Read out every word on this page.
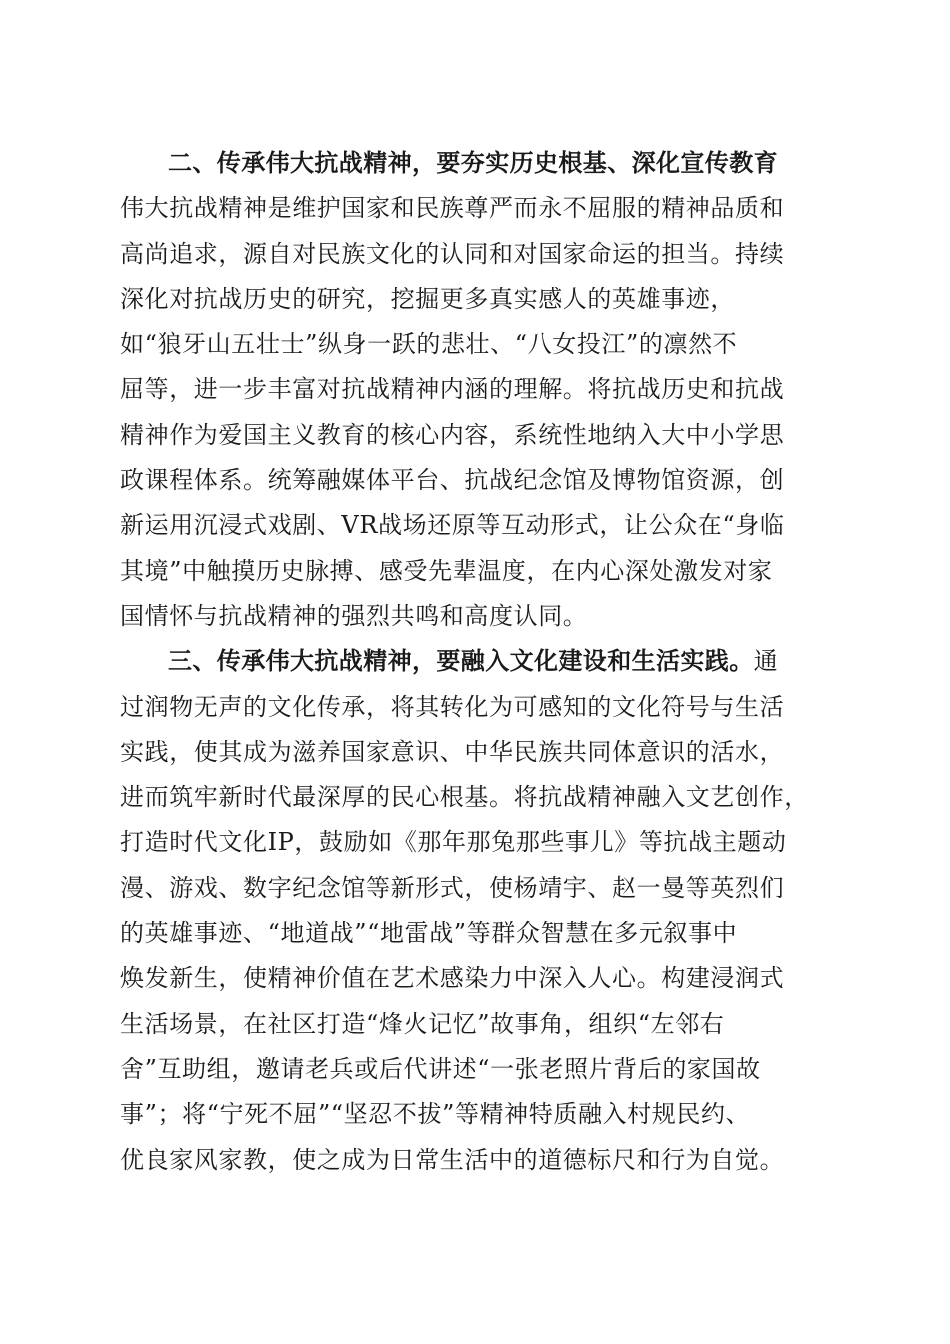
二、传承伟大抗战精神，要夯实历史根基、深化宣传教育
伟大抗战精神是维护国家和民族尊严而永不屈服的精神品质和
高尚追求，源自对民族文化的认同和对国家命运的担当。持续
深化对抗战历史的研究，挖掘更多真实感人的英雄事迹，
如“狼牙山五壮士”纵身一跃的悲壮、“八女投江”的凛然不
屈等，进一步丰富对抗战精神内涵的理解。将抗战历史和抗战
精神作为爱国主义教育的核心内容，系统性地纳入大中小学思
政课程体系。统筹融媒体平台、抗战纪念馆及博物馆资源，创
新运用沉浸式戏剧、VR战场还原等互动形式，让公众在“身临
其境”中触摸历史脉搏、感受先辈温度，在内心深处激发对家
国情怀与抗战精神的强烈共鸣和高度认同。
三、传承伟大抗战精神，要融入文化建设和生活实践。通
过润物无声的文化传承，将其转化为可感知的文化符号与生活
实践，使其成为滋养国家意识、中华民族共同体意识的活水，
进而筑牢新时代最深厚的民心根基。将抗战精神融入文艺创作，
打造时代文化IP，鼓励如《那年那兔那些事儿》等抗战主题动
漫、游戏、数字纪念馆等新形式，使杨靖宇、赵一曼等英烈们
的英雄事迹、“地道战”“地雷战”等群众智慧在多元叙事中
焕发新生，使精神价值在艺术感染力中深入人心。构建浸润式
生活场景，在社区打造“烽火记忆”故事角，组织“左邻右
舍”互助组，邀请老兵或后代讲述“一张老照片背后的家国故
事”；将“宁死不屈”“坚忍不拔”等精神特质融入村规民约、
优良家风家教，使之成为日常生活中的道德标尺和行为自觉。
